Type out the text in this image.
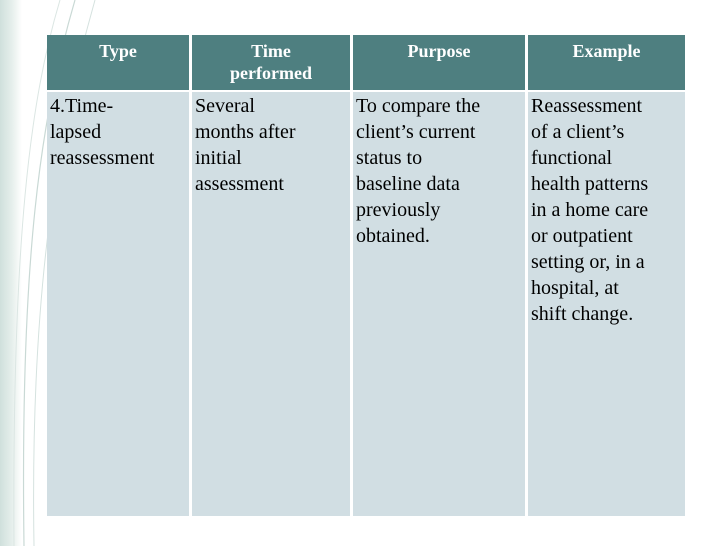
Type	Time
performed
Purpose	Example
4.Time-
lapsed
reassessment
Several
months after
initial
assessment
To compare the
client’s current
status to
baseline data
previously
obtained.
Reassessment
of a client’s
functional
health patterns
in a home care
or outpatient
setting or, in a
hospital, at
shift change.
